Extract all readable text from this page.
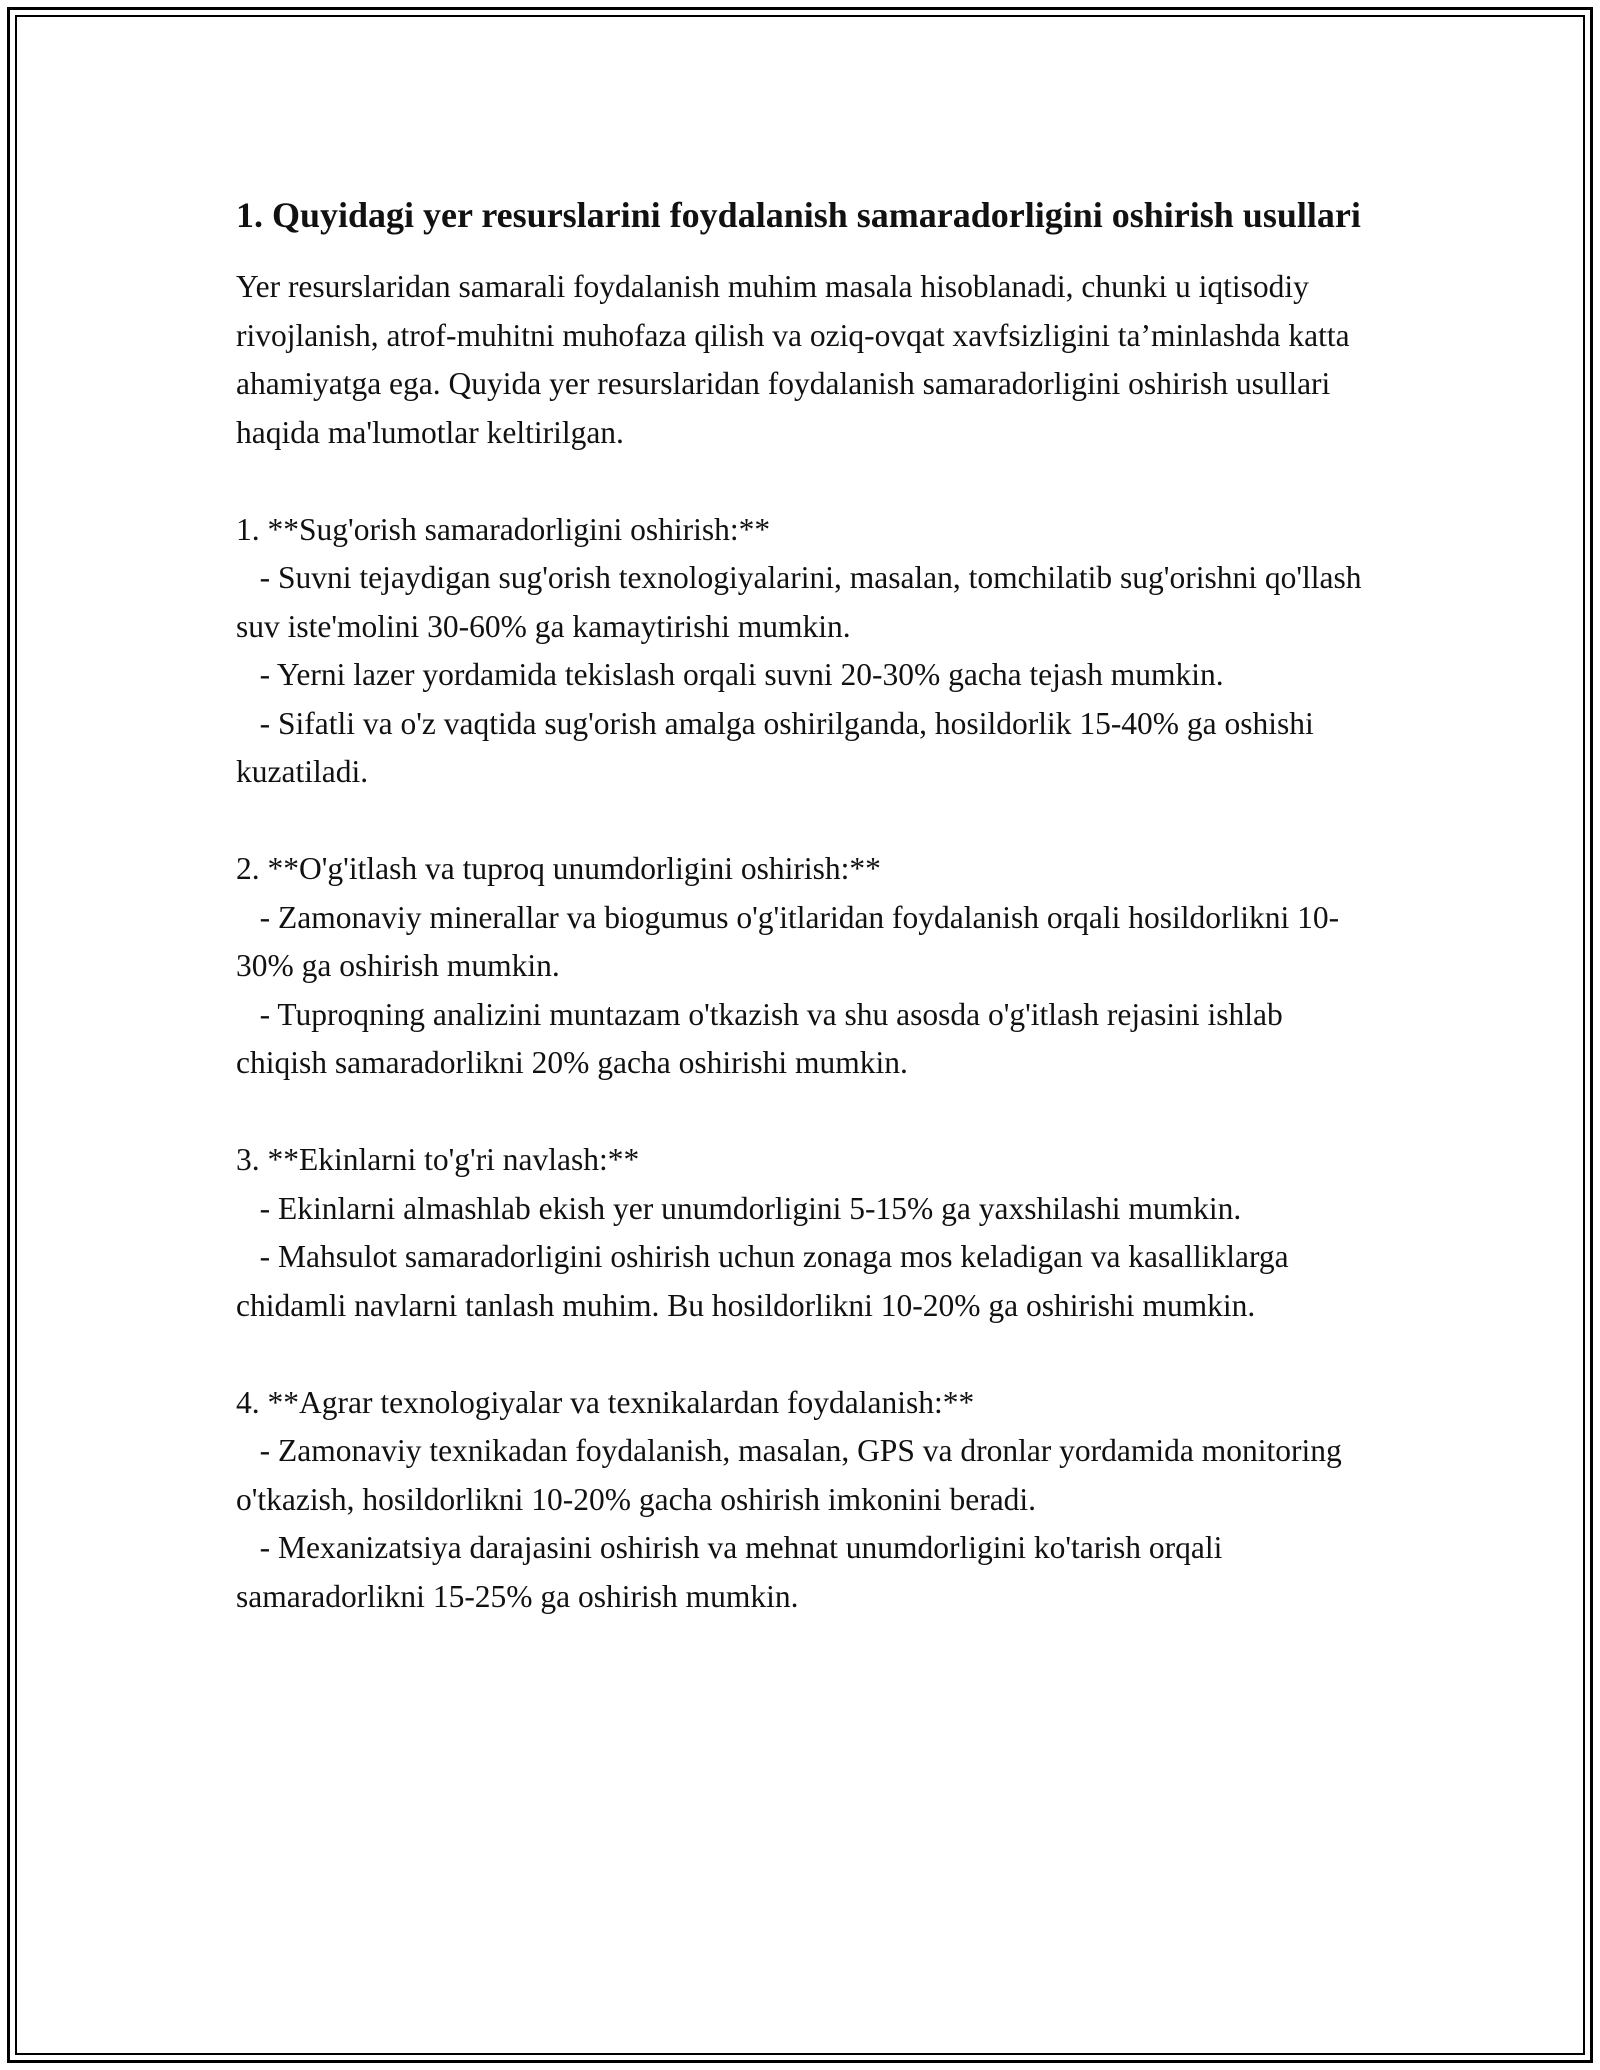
1. Quyidagi yer resurslarini foydalanish samaradorligini oshirish usullari

Yer resurslaridan samarali foydalanish muhim masala hisoblanadi, chunki u iqtisodiy rivojlanish, atrof-muhitni muhofaza qilish va oziq-ovqat xavfsizligini ta’minlashda katta ahamiyatga ega. Quyida yer resurslaridan foydalanish samaradorligini oshirish usullari haqida ma'lumotlar keltirilgan.

1. **Sug'orish samaradorligini oshirish:**

- Suvni tejaydigan sug'orish texnologiyalarini, masalan, tomchilatib sug'orishni qo'llash suv iste'molini 30-60% ga kamaytirishi mumkin.

- Yerni lazer yordamida tekislash orqali suvni 20-30% gacha tejash mumkin.

- Sifatli va o'z vaqtida sug'orish amalga oshirilganda, hosildorlik 15-40% ga oshishi kuzatiladi.

2. **O'g'itlash va tuproq unumdorligini oshirish:**

- Zamonaviy minerallar va biogumus o'g'itlaridan foydalanish orqali hosildorlikni 10-30% ga oshirish mumkin.

- Tuproqning analizini muntazam o'tkazish va shu asosda o'g'itlash rejasini ishlab chiqish samaradorlikni 20% gacha oshirishi mumkin.

3. **Ekinlarni to'g'ri navlash:**

- Ekinlarni almashlab ekish yer unumdorligini 5-15% ga yaxshilashi mumkin.

- Mahsulot samaradorligini oshirish uchun zonaga mos keladigan va kasalliklarga chidamli navlarni tanlash muhim. Bu hosildorlikni 10-20% ga oshirishi mumkin.

4. **Agrar texnologiyalar va texnikalardan foydalanish:**

- Zamonaviy texnikadan foydalanish, masalan, GPS va dronlar yordamida monitoring o'tkazish, hosildorlikni 10-20% gacha oshirish imkonini beradi.

- Mexanizatsiya darajasini oshirish va mehnat unumdorligini ko'tarish orqali samaradorlikni 15-25% ga oshirish mumkin.
